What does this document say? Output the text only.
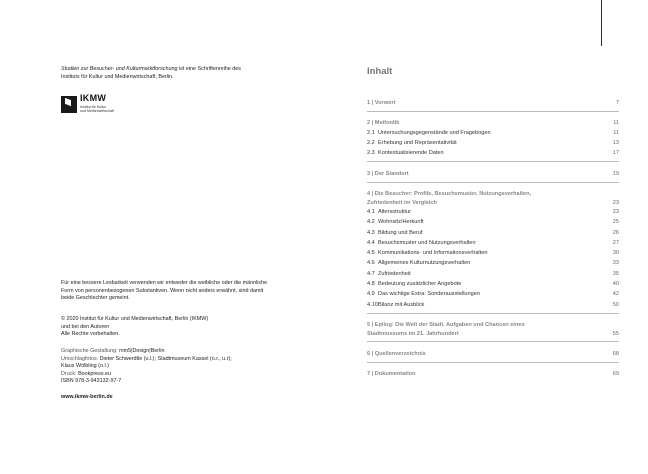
Studien zur Besucher- und Kulturmarktforschung ist eine Schriftenreihe des
Instituts für Kultur und Medienwirtschaft, Berlin.
IKMW
Institut für Kultur
und Medienwirtschaft
Für eine bessere Lesbarkeit verwenden wir entweder die weibliche oder die männliche
Form von personenbezogenen Substantiven. Wenn nicht anders erwähnt, sind damit
beide Geschlechter gemeint.
© 2020 Institut für Kultur und Medienwirtschaft, Berlin (IKMW)
und bei den Autoren
Alle Rechte vorbehalten.
Graphische Gestaltung: mm5|Design|Berlin
Umschlagfotos: Dieter Schwerdtle (u.l.); Stadtmuseum Kassel (o.r., u.r);
Klaus Wölbling (o.l.)
Druck: Bookpress.eu
ISBN 978-3-943132-97-7
www.ikmw-berlin.de
Inhalt
1 | Vorwort	7
2 | Methodik	11
2.1 Untersuchungsgegenstände und Fragebogen	11
2.2 Erhebung und Repräsentativität	13
2.3 Kontextualisierende Daten	17
3 | Der Standort	19
4 | Die Besucher: Profile, Besuchsmuster, Nutzungsverhalten,
Zufriedenheit im Vergleich	23
4.1 Altersstruktur	23
4.2 Wohnsitz/Herkunft	25
4.3 Bildung und Beruf	26
4.4 Besuchsmuster und Nutzungsverhalten	27
4.5 Kommunikations- und Informationsverhalten	30
4.6 Allgemeines Kulturnutzungsverhalten	33
4.7 Zufriedenheit	35
4.8 Bedeutung zusätzlicher Angebote	40
4.9 Das wichtige Extra: Sonderausstellungen	42
4.10Bilanz mit Ausblick	50
5 | Epilog: Die Welt der Stadt. Aufgaben und Chancen eines
Stadtmuseums im 21. Jahrhundert	55
6 | Quellenverzeichnis	68
7 | Dokumentation	69
